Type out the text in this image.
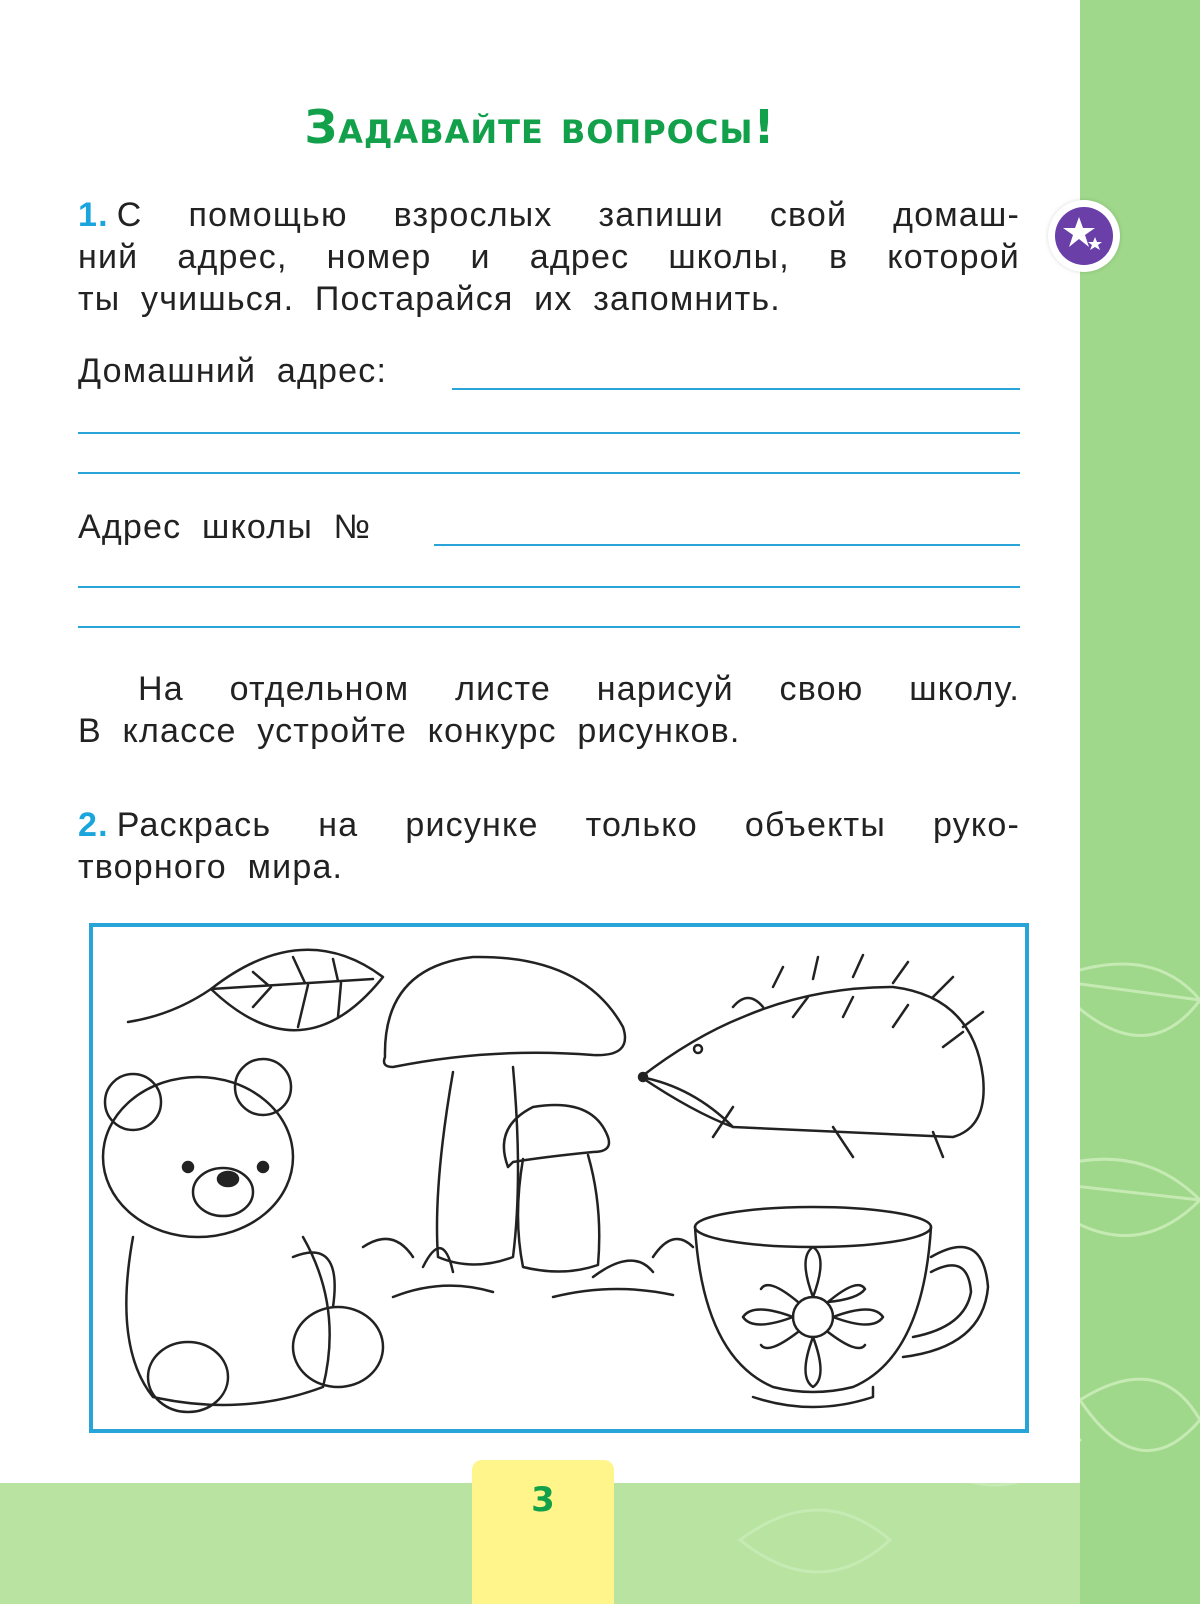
Задавайте вопросы!
1. С помощью взрослых запиши свой домаш-
ний адрес, номер и адрес школы, в которой
ты учишься. Постарайся их запомнить.
Домашний адрес:
Адрес школы №
На отдельном листе нарисуй свою школу.
В классе устройте конкурс рисунков.
2. Раскрась на рисунке только объекты руко-
творного мира.
3
